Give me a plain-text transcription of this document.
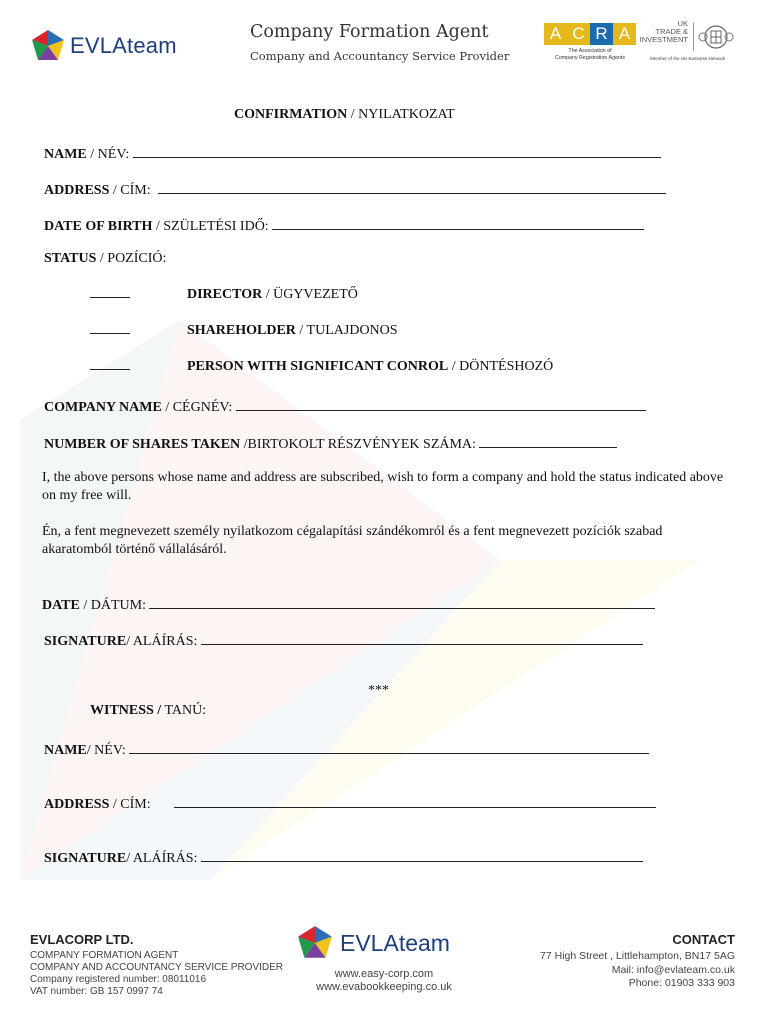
EVLAteam
Company Formation Agent
Company and Accountancy Service Provider
A C R A
The Association of
Company Registration Agents
UK
TRADE &
INVESTMENT
Member of the UK Business Network
CONFIRMATION / NYILATKOZAT
NAME / NÉV:
ADDRESS / CÍM:
DATE OF BIRTH / SZÜLETÉSI IDŐ:
STATUS / POZÍCIÓ:
DIRECTOR / ÜGYVEZETŐ
SHAREHOLDER / TULAJDONOS
PERSON WITH SIGNIFICANT CONROL / DÖNTÉSHOZÓ
COMPANY NAME / CÉGNÉV:
NUMBER OF SHARES TAKEN /BIRTOKOLT RÉSZVÉNYEK SZÁMA:
I, the above persons whose name and address are subscribed, wish to form a company and hold the status indicated above on my free will.
Én, a fent megnevezett személy nyilatkozom cégalapítási szándékomról és a fent megnevezett pozíciók szabad akaratomból történő vállalásáról.
DATE / DÁTUM:
SIGNATURE/ ALÁÍRÁS:
***
WITNESS / TANÚ:
NAME/ NÉV:
ADDRESS / CÍM:
SIGNATURE/ ALÁÍRÁS:
EVLACORP LTD.
COMPANY FORMATION AGENT
COMPANY AND ACCOUNTANCY SERVICE PROVIDER
Company registered number: 08011016
VAT number: GB 157 0997 74
EVLAteam
www.easy-corp.com
www.evabookkeeping.co.uk
CONTACT
77 High Street , Littlehampton, BN17 5AG
Mail: info@evlateam.co.uk
Phone: 01903 333 903
